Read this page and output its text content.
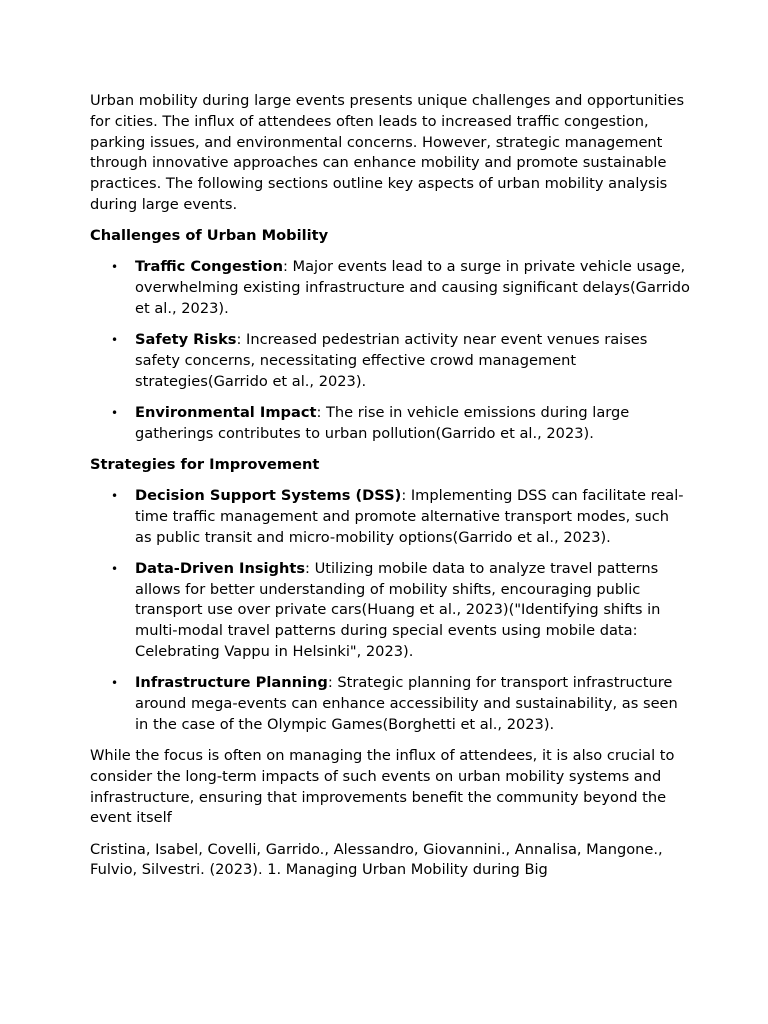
Urban mobility during large events presents unique challenges and opportunities for cities. The influx of attendees often leads to increased traffic congestion, parking issues, and environmental concerns. However, strategic management through innovative approaches can enhance mobility and promote sustainable practices. The following sections outline key aspects of urban mobility analysis during large events.

Challenges of Urban Mobility
• Traffic Congestion: Major events lead to a surge in private vehicle usage, overwhelming existing infrastructure and causing significant delays(Garrido et al., 2023).
• Safety Risks: Increased pedestrian activity near event venues raises safety concerns, necessitating effective crowd management strategies(Garrido et al., 2023).
• Environmental Impact: The rise in vehicle emissions during large gatherings contributes to urban pollution(Garrido et al., 2023).
Strategies for Improvement
• Decision Support Systems (DSS): Implementing DSS can facilitate real-time traffic management and promote alternative transport modes, such as public transit and micro-mobility options(Garrido et al., 2023).
• Data-Driven Insights: Utilizing mobile data to analyze travel patterns allows for better understanding of mobility shifts, encouraging public transport use over private cars(Huang et al., 2023)("Identifying shifts in multi-modal travel patterns during special events using mobile data: Celebrating Vappu in Helsinki", 2023).
• Infrastructure Planning: Strategic planning for transport infrastructure around mega-events can enhance accessibility and sustainability, as seen in the case of the Olympic Games(Borghetti et al., 2023).

While the focus is often on managing the influx of attendees, it is also crucial to consider the long-term impacts of such events on urban mobility systems and infrastructure, ensuring that improvements benefit the community beyond the event itself

Cristina, Isabel, Covelli, Garrido., Alessandro, Giovannini., Annalisa, Mangone., Fulvio, Silvestri. (2023). 1. Managing Urban Mobility during Big
